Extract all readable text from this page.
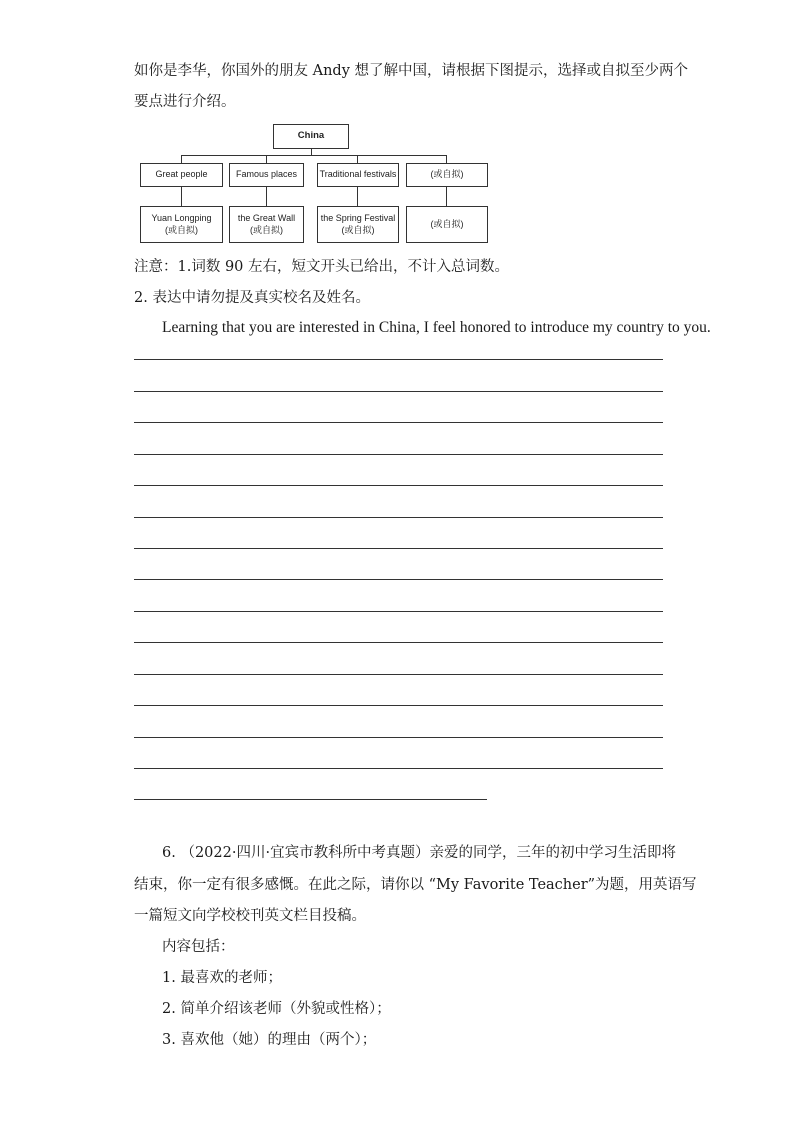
如你是李华，你国外的朋友 Andy 想了解中国，请根据下图提示，选择或自拟至少两个
要点进行介绍。
China
Great people	Famous places	Traditional festivals	(或自拟)
Yuan Longping
(或自拟)
the Great Wall
(或自拟)
the Spring Festival
(或自拟)
(或自拟)
注意：1.词数 90 左右，短文开头已给出，不计入总词数。
2. 表达中请勿提及真实校名及姓名。
Learning that you are interested in China, I feel honored to introduce my country to you.
6. （2022·四川·宜宾市教科所中考真题）亲爱的同学，三年的初中学习生活即将
结束，你一定有很多感慨。在此之际，请你以 “My Favorite Teacher”为题，用英语写
一篇短文向学校校刊英文栏目投稿。
内容包括：
1. 最喜欢的老师；
2. 简单介绍该老师（外貌或性格）；
3. 喜欢他（她）的理由（两个）；
